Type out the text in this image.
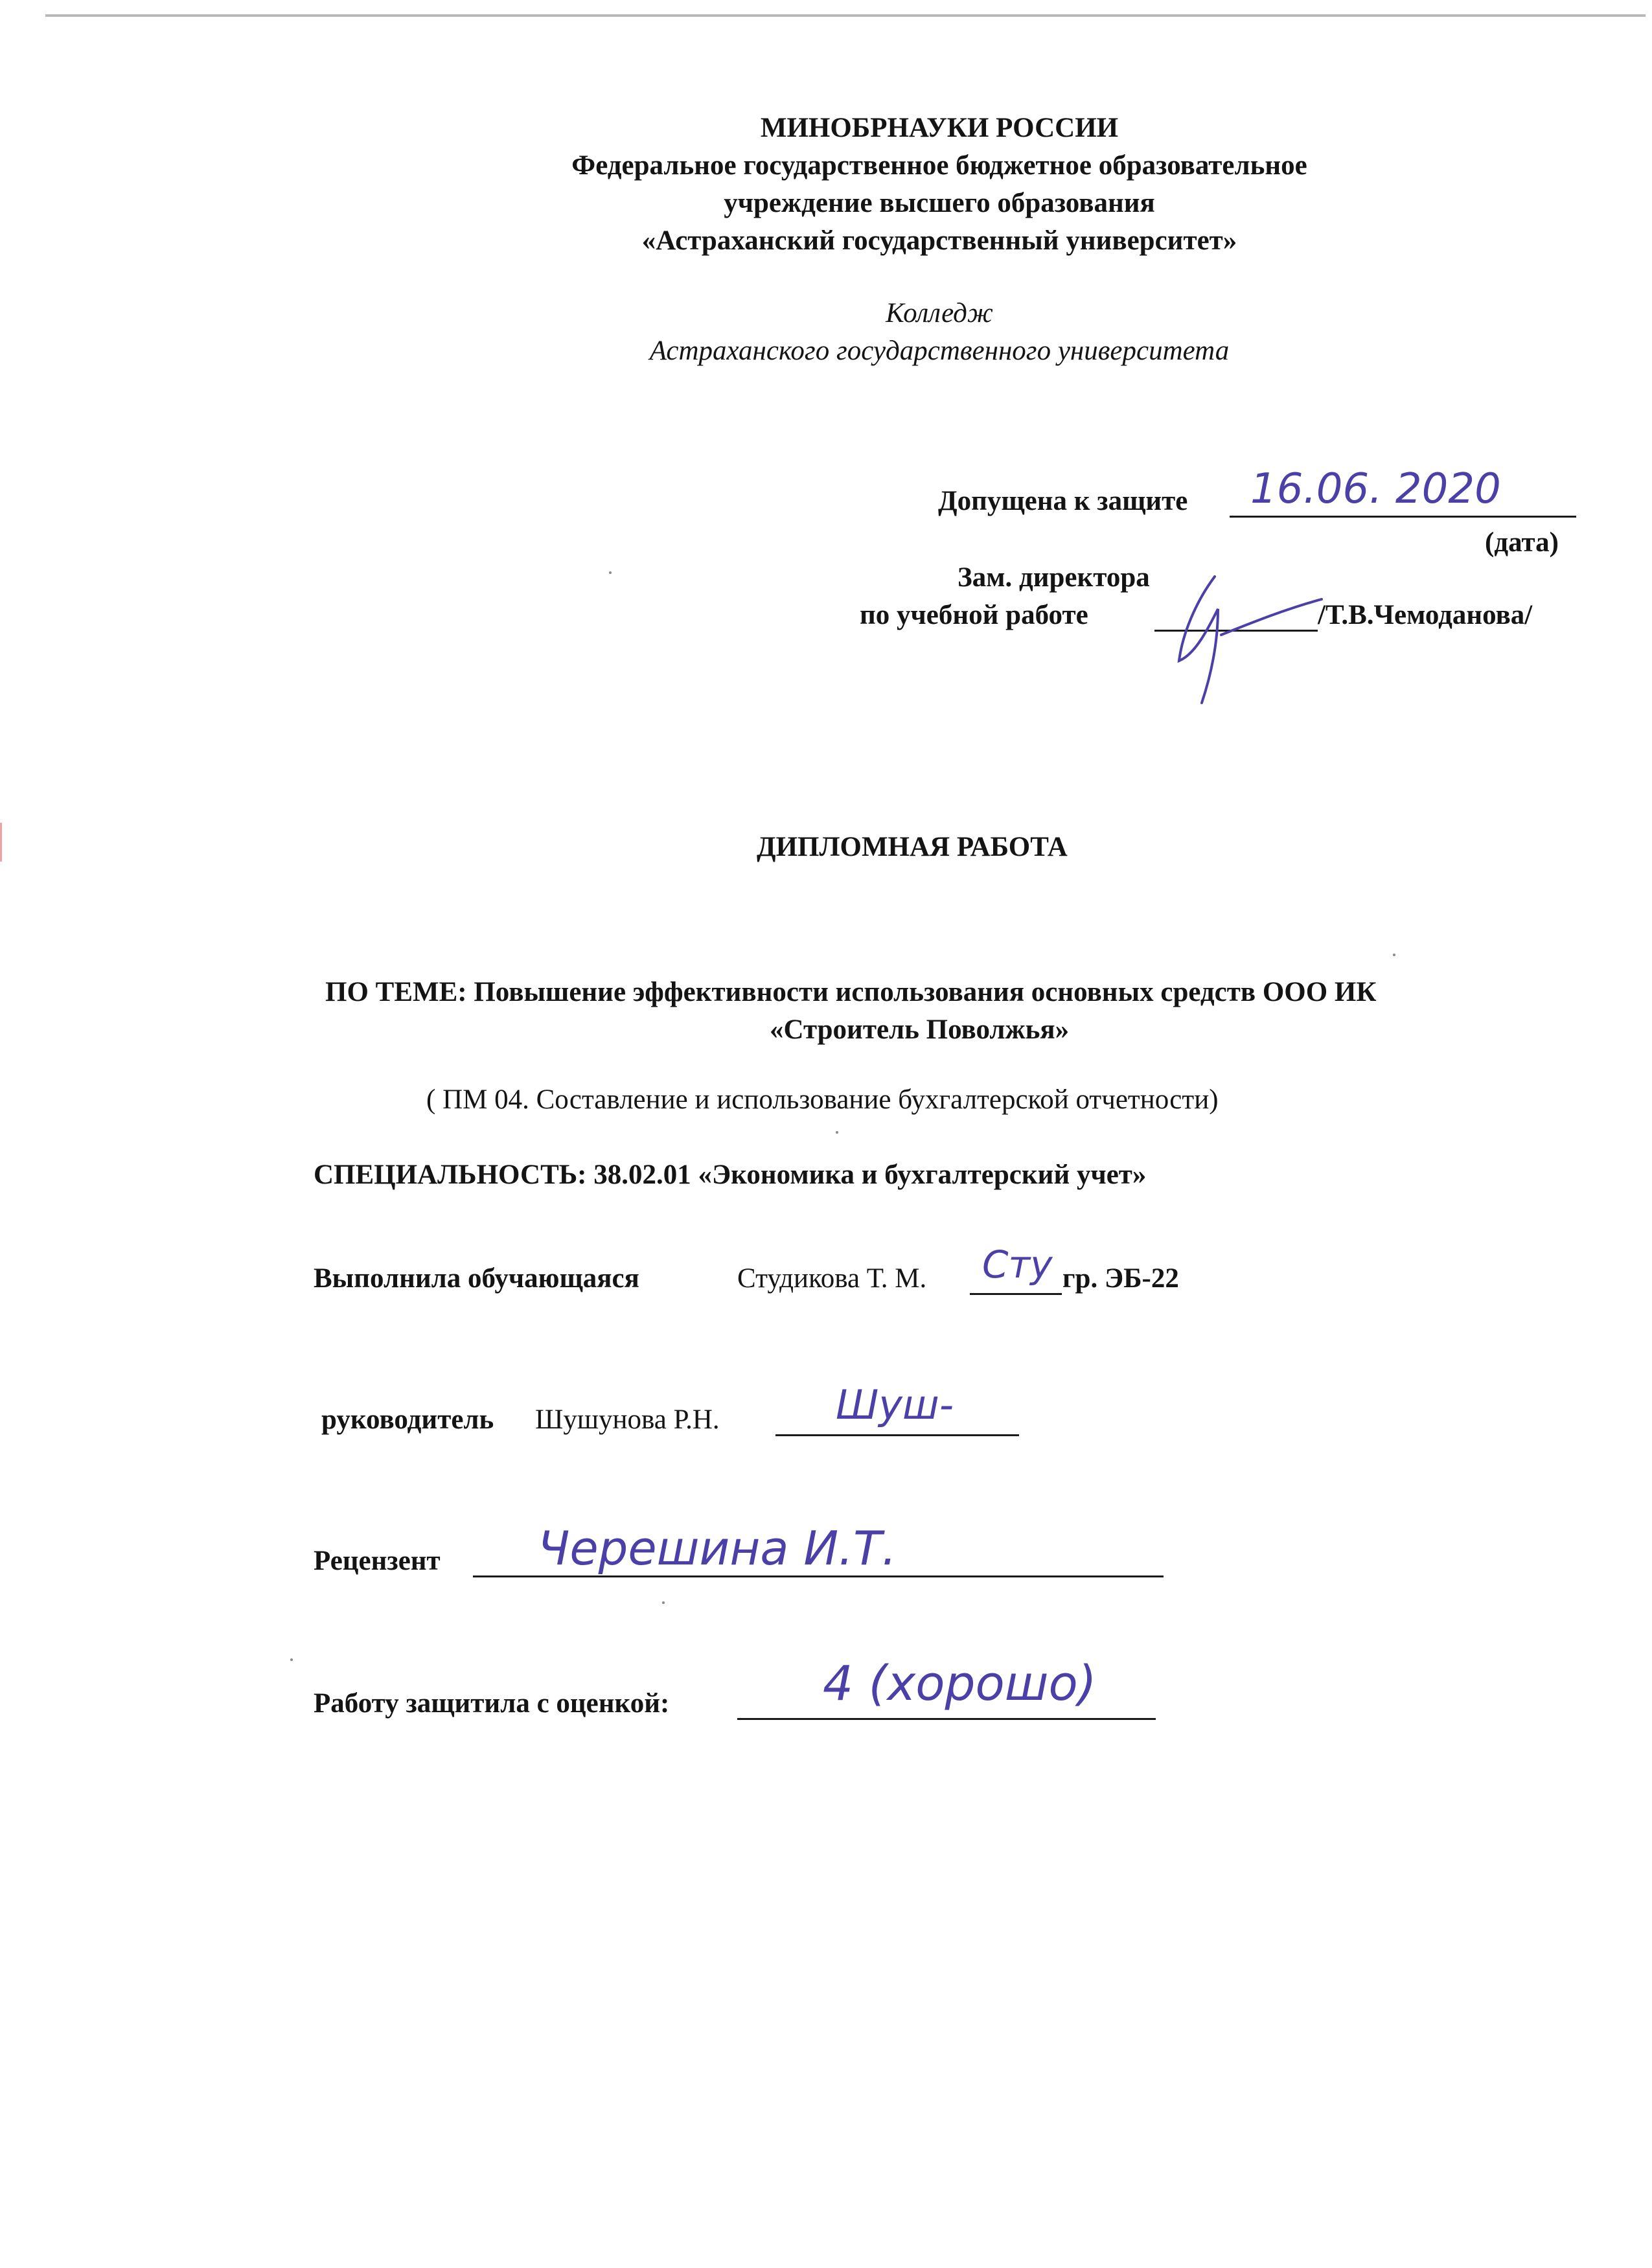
МИНОБРНАУКИ РОССИИ
Федеральное государственное бюджетное образовательное
учреждение высшего образования
«Астраханский государственный университет»
Колледж
Астраханского государственного университета
Допущена к защите 16.06. 2020
(дата)
Зам. директора
по учебной работе	/Т.В.Чемоданова/
ДИПЛОМНАЯ РАБОТА
ПО ТЕМЕ: Повышение эффективности использования основных средств ООО ИК
«Строитель Поволжья»
( ПМ 04. Составление и использование бухгалтерской отчетности)
СПЕЦИАЛЬНОСТЬ: 38.02.01 «Экономика и бухгалтерский учет»
Выполнила обучающаяся	Студикова Т. М. Сту гр. ЭБ-22
руководитель Шушунова Р.Н.	Шуш-
Рецензент Черешина И.Т.
Работу защитила с оценкой:	4 (хорошо)
